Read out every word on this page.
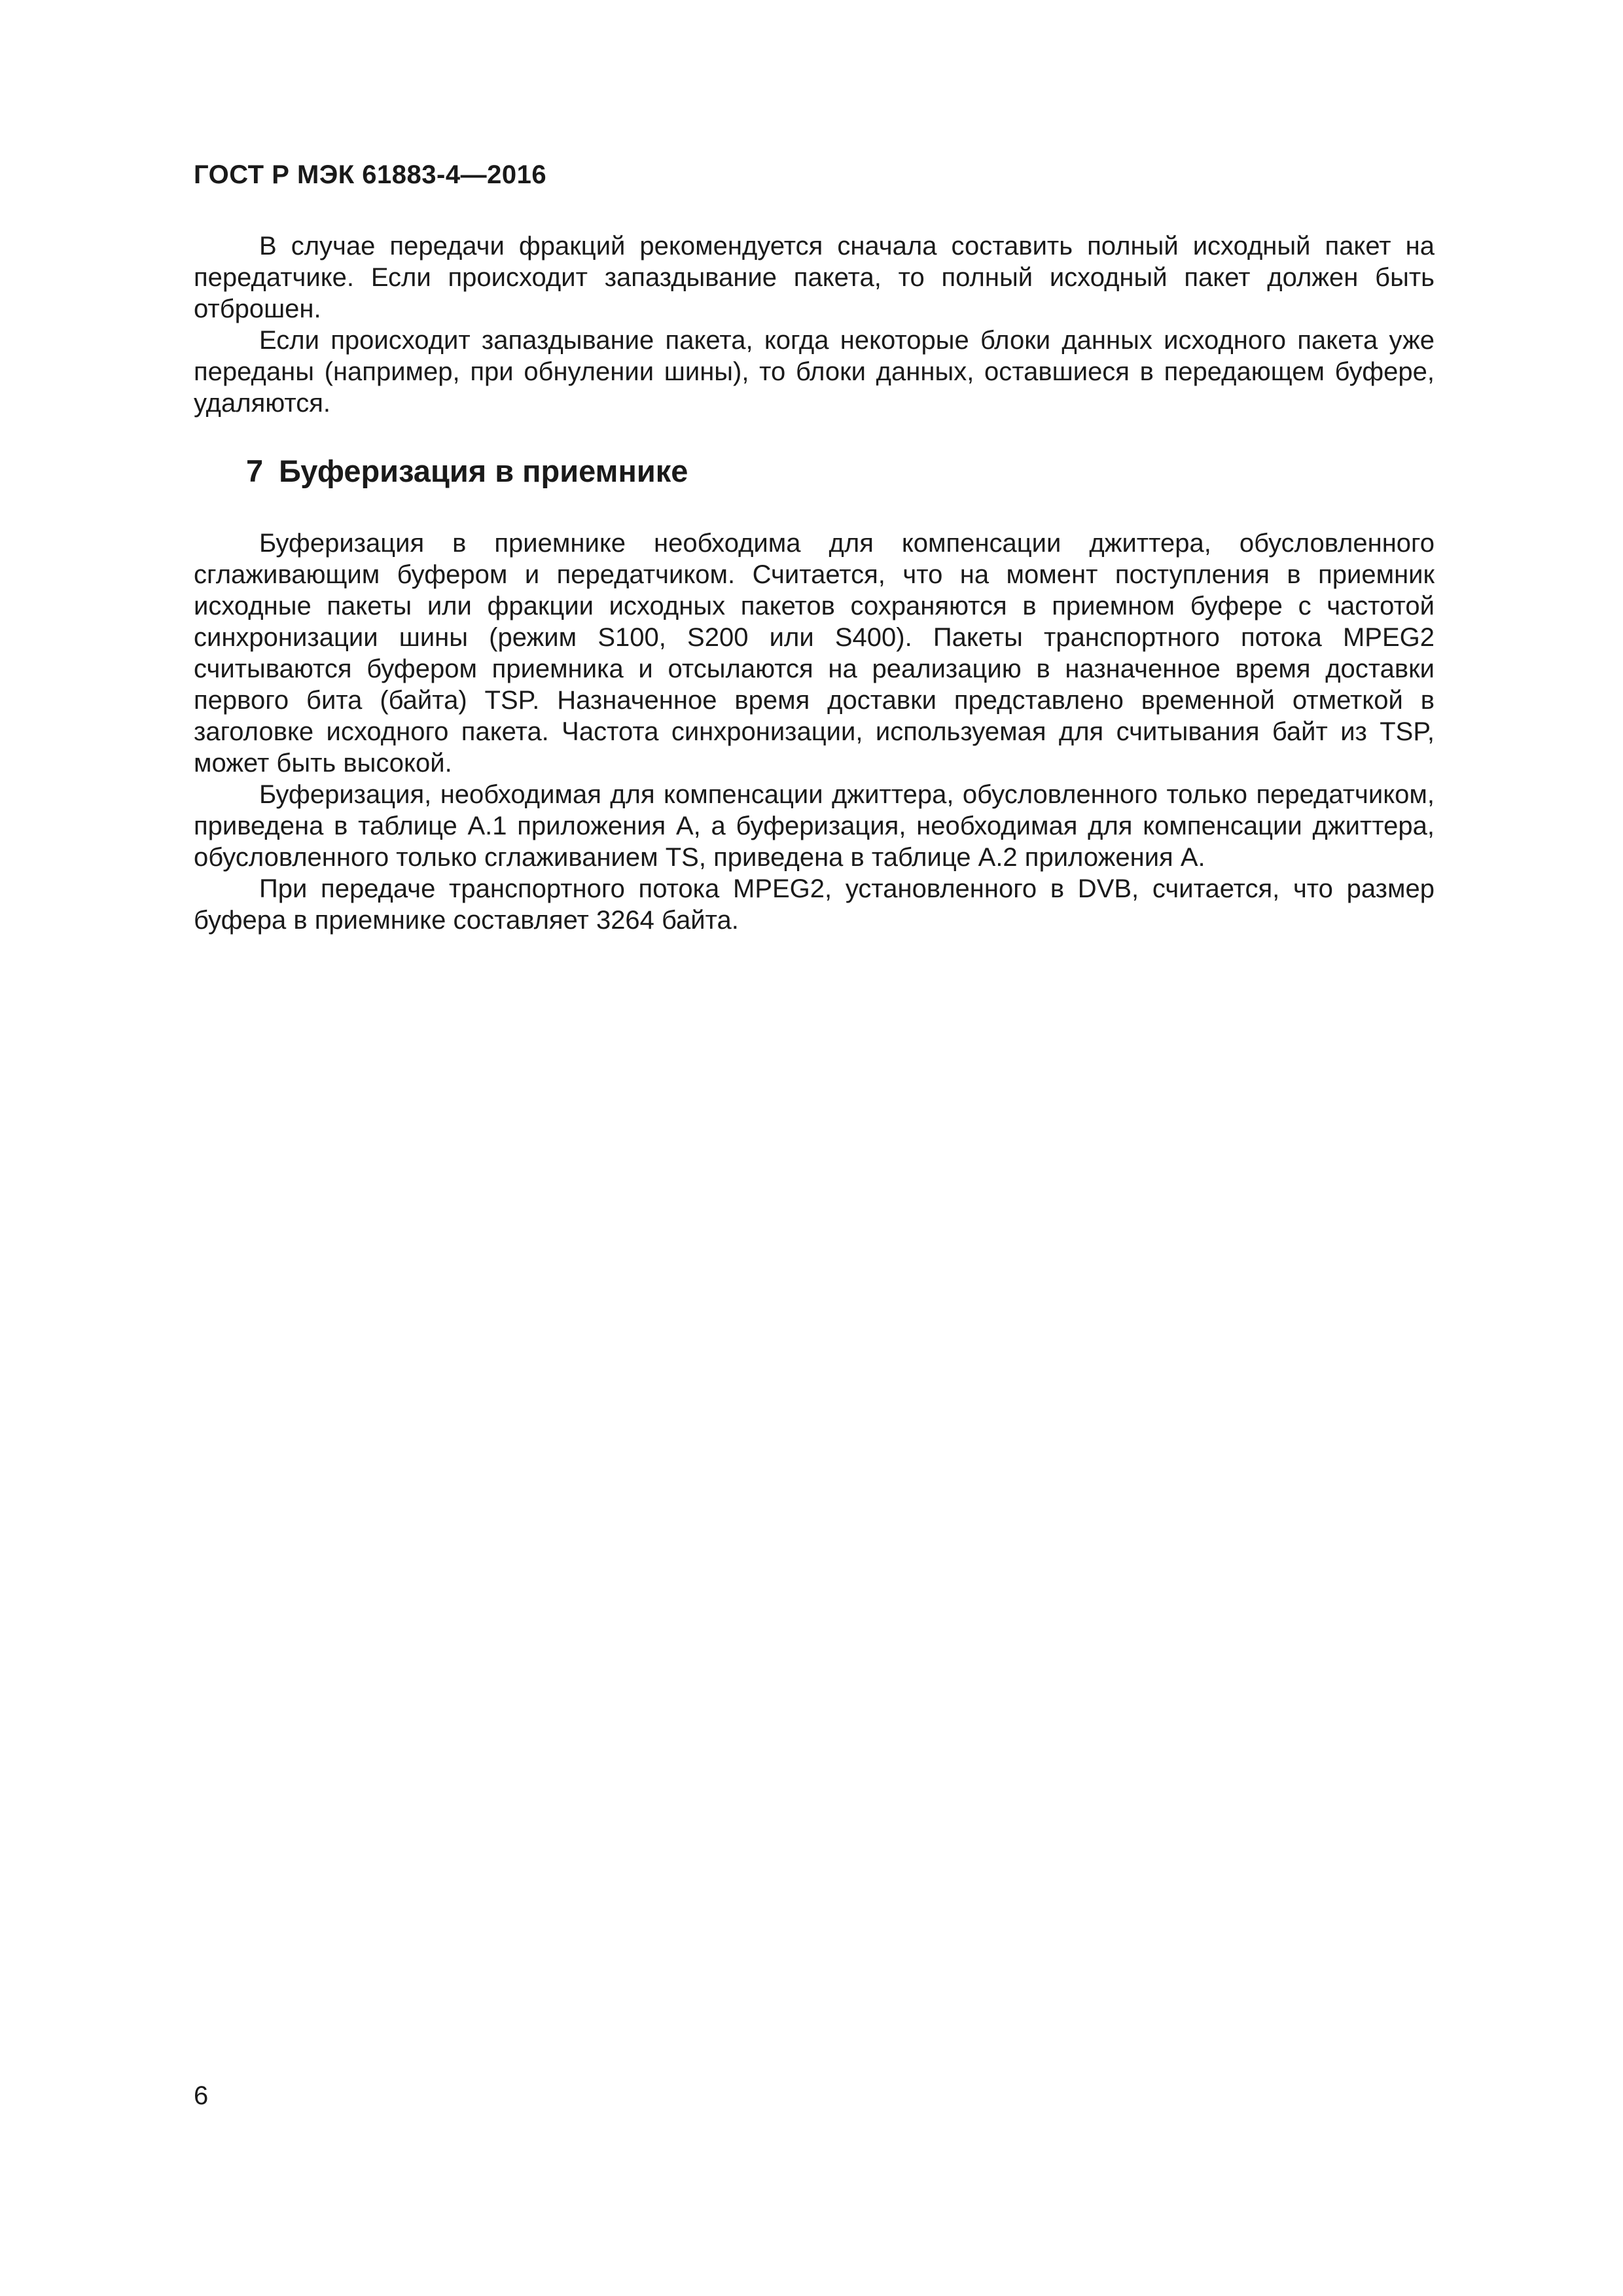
ГОСТ Р МЭК 61883-4—2016

В случае передачи фракций рекомендуется сначала составить полный исходный пакет на передатчике. Если происходит запаздывание пакета, то полный исходный пакет должен быть отброшен.

Если происходит запаздывание пакета, когда некоторые блоки данных исходного пакета уже переданы (например, при обнулении шины), то блоки данных, оставшиеся в передающем буфере, удаляются.

7 Буферизация в приемнике

Буферизация в приемнике необходима для компенсации джиттера, обусловленного сглаживающим буфером и передатчиком. Считается, что на момент поступления в приемник исходные пакеты или фракции исходных пакетов сохраняются в приемном буфере с частотой синхронизации шины (режим S100, S200 или S400). Пакеты транспортного потока MPEG2 считываются буфером приемника и отсылаются на реализацию в назначенное время доставки первого бита (байта) TSP. Назначенное время доставки представлено временной отметкой в заголовке исходного пакета. Частота синхронизации, используемая для считывания байт из TSP, может быть высокой.

Буферизация, необходимая для компенсации джиттера, обусловленного только передатчиком, приведена в таблице А.1 приложения А, а буферизация, необходимая для компенсации джиттера, обусловленного только сглаживанием TS, приведена в таблице А.2 приложения А.

При передаче транспортного потока MPEG2, установленного в DVB, считается, что размер буфера в приемнике составляет 3264 байта.

6
